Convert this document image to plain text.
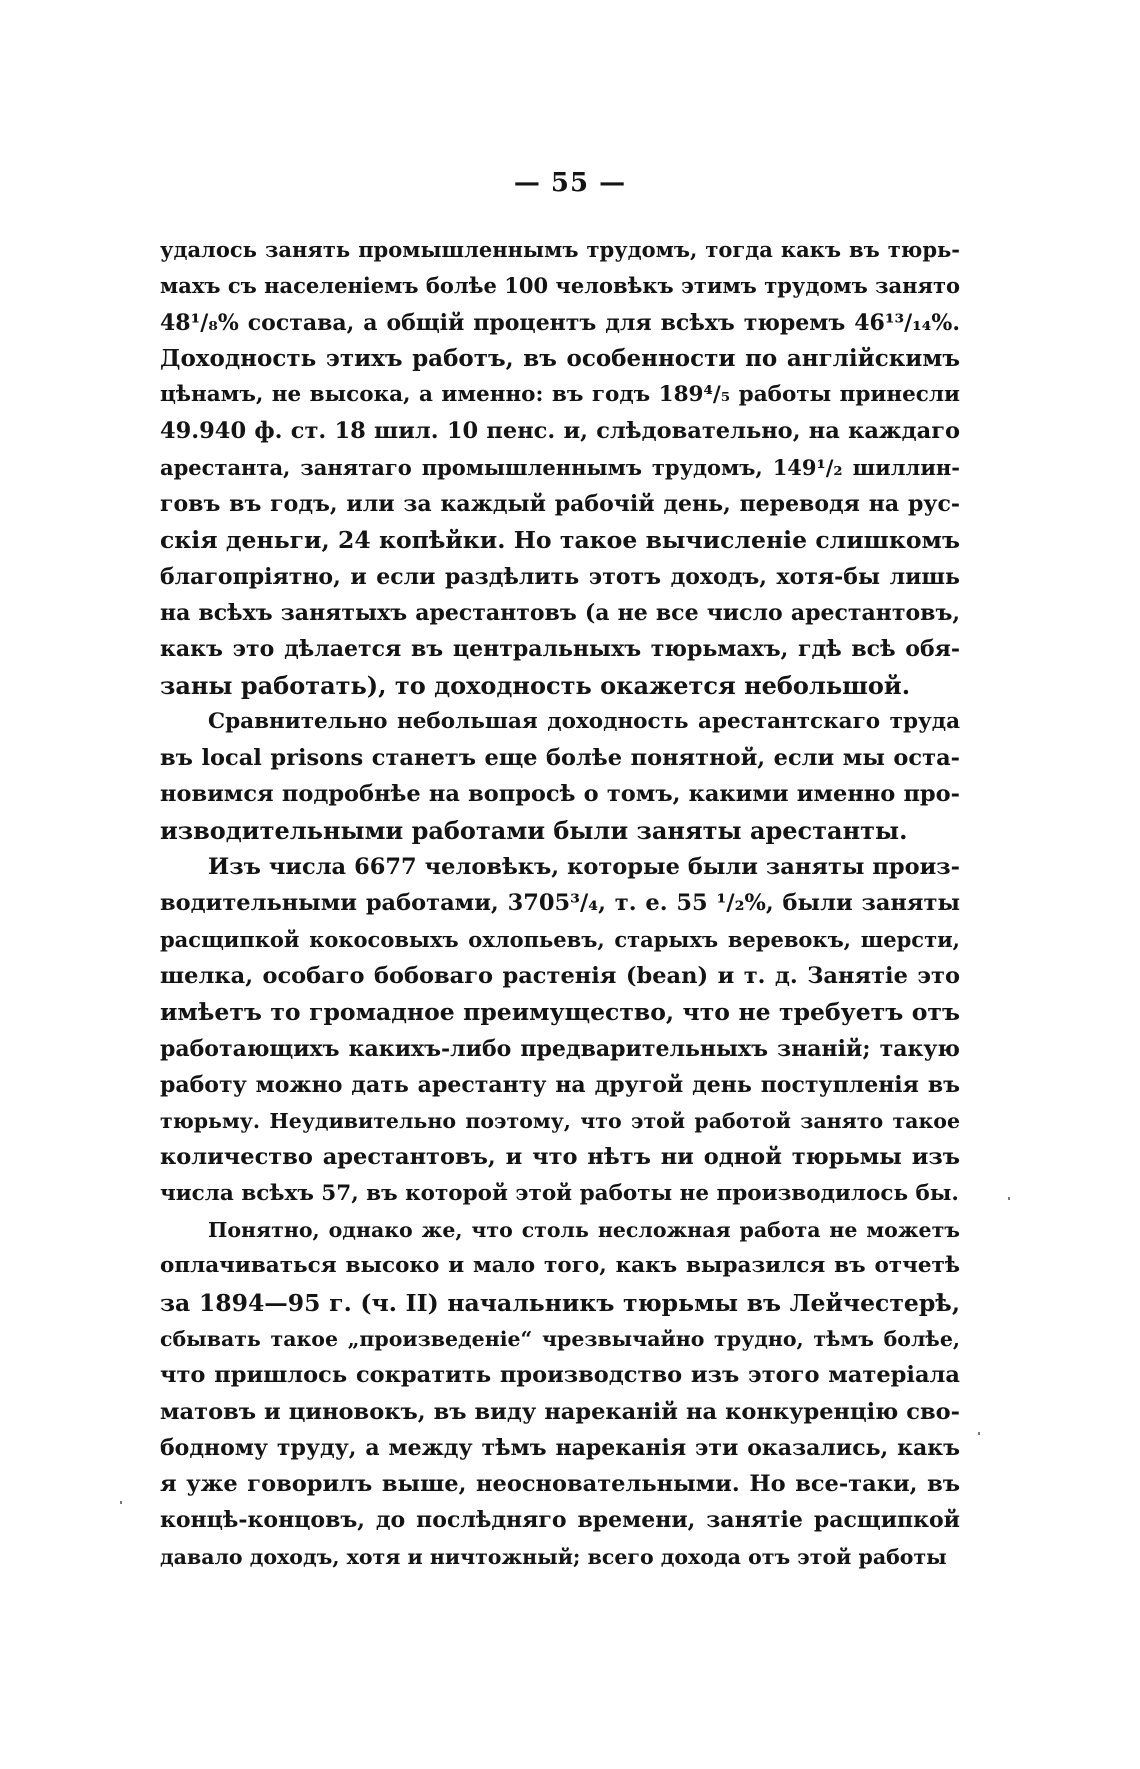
— 55 —
удалось занять промышленнымъ трудомъ, тогда какъ въ тюрь-
махъ съ населеніемъ болѣе 100 человѣкъ этимъ трудомъ занято
48¹/₈% состава, а общій процентъ для всѣхъ тюремъ 46¹³/₁₄%.
Доходность этихъ работъ, въ особенности по англійскимъ
цѣнамъ, не высока, а именно: въ годъ 189⁴/₅ работы принесли
49.940 ф. ст. 18 шил. 10 пенс. и, слѣдовательно, на каждаго
арестанта, занятаго промышленнымъ трудомъ, 149¹/₂ шиллин-
говъ въ годъ, или за каждый рабочій день, переводя на рус-
скія деньги, 24 копѣйки. Но такое вычисленіе слишкомъ
благопріятно, и если раздѣлить этотъ доходъ, хотя-бы лишь
на всѣхъ занятыхъ арестантовъ (а не все число арестантовъ,
какъ это дѣлается въ центральныхъ тюрьмахъ, гдѣ всѣ обя-
заны работать), то доходность окажется небольшой.
Сравнительно небольшая доходность арестантскаго труда
въ local prisons станетъ еще болѣе понятной, если мы оста-
новимся подробнѣе на вопросѣ о томъ, какими именно про-
изводительными работами были заняты арестанты.
Изъ числа 6677 человѣкъ, которые были заняты произ-
водительными работами, 3705³/₄, т. е. 55 ¹/₂%, были заняты
расщипкой кокосовыхъ охлопьевъ, старыхъ веревокъ, шерсти,
шелка, особаго бобоваго растенія (bean) и т. д. Занятіе это
имѣетъ то громадное преимущество, что не требуетъ отъ
работающихъ какихъ-либо предварительныхъ знаній; такую
работу можно дать арестанту на другой день поступленія въ
тюрьму. Неудивительно поэтому, что этой работой занято такое
количество арестантовъ, и что нѣтъ ни одной тюрьмы изъ
числа всѣхъ 57, въ которой этой работы не производилось бы.
Понятно, однако же, что столь несложная работа не можетъ
оплачиваться высоко и мало того, какъ выразился въ отчетѣ
за 1894—95 г. (ч. II) начальникъ тюрьмы въ Лейчестерѣ,
сбывать такое „произведеніе“ чрезвычайно трудно, тѣмъ болѣе,
что пришлось сократить производство изъ этого матеріала
матовъ и циновокъ, въ виду нареканій на конкуренцію сво-
бодному труду, а между тѣмъ нареканія эти оказались, какъ
я уже говорилъ выше, неосновательными. Но все-таки, въ
концѣ-концовъ, до послѣдняго времени, занятіе расщипкой
давало доходъ, хотя и ничтожный; всего дохода отъ этой работы
